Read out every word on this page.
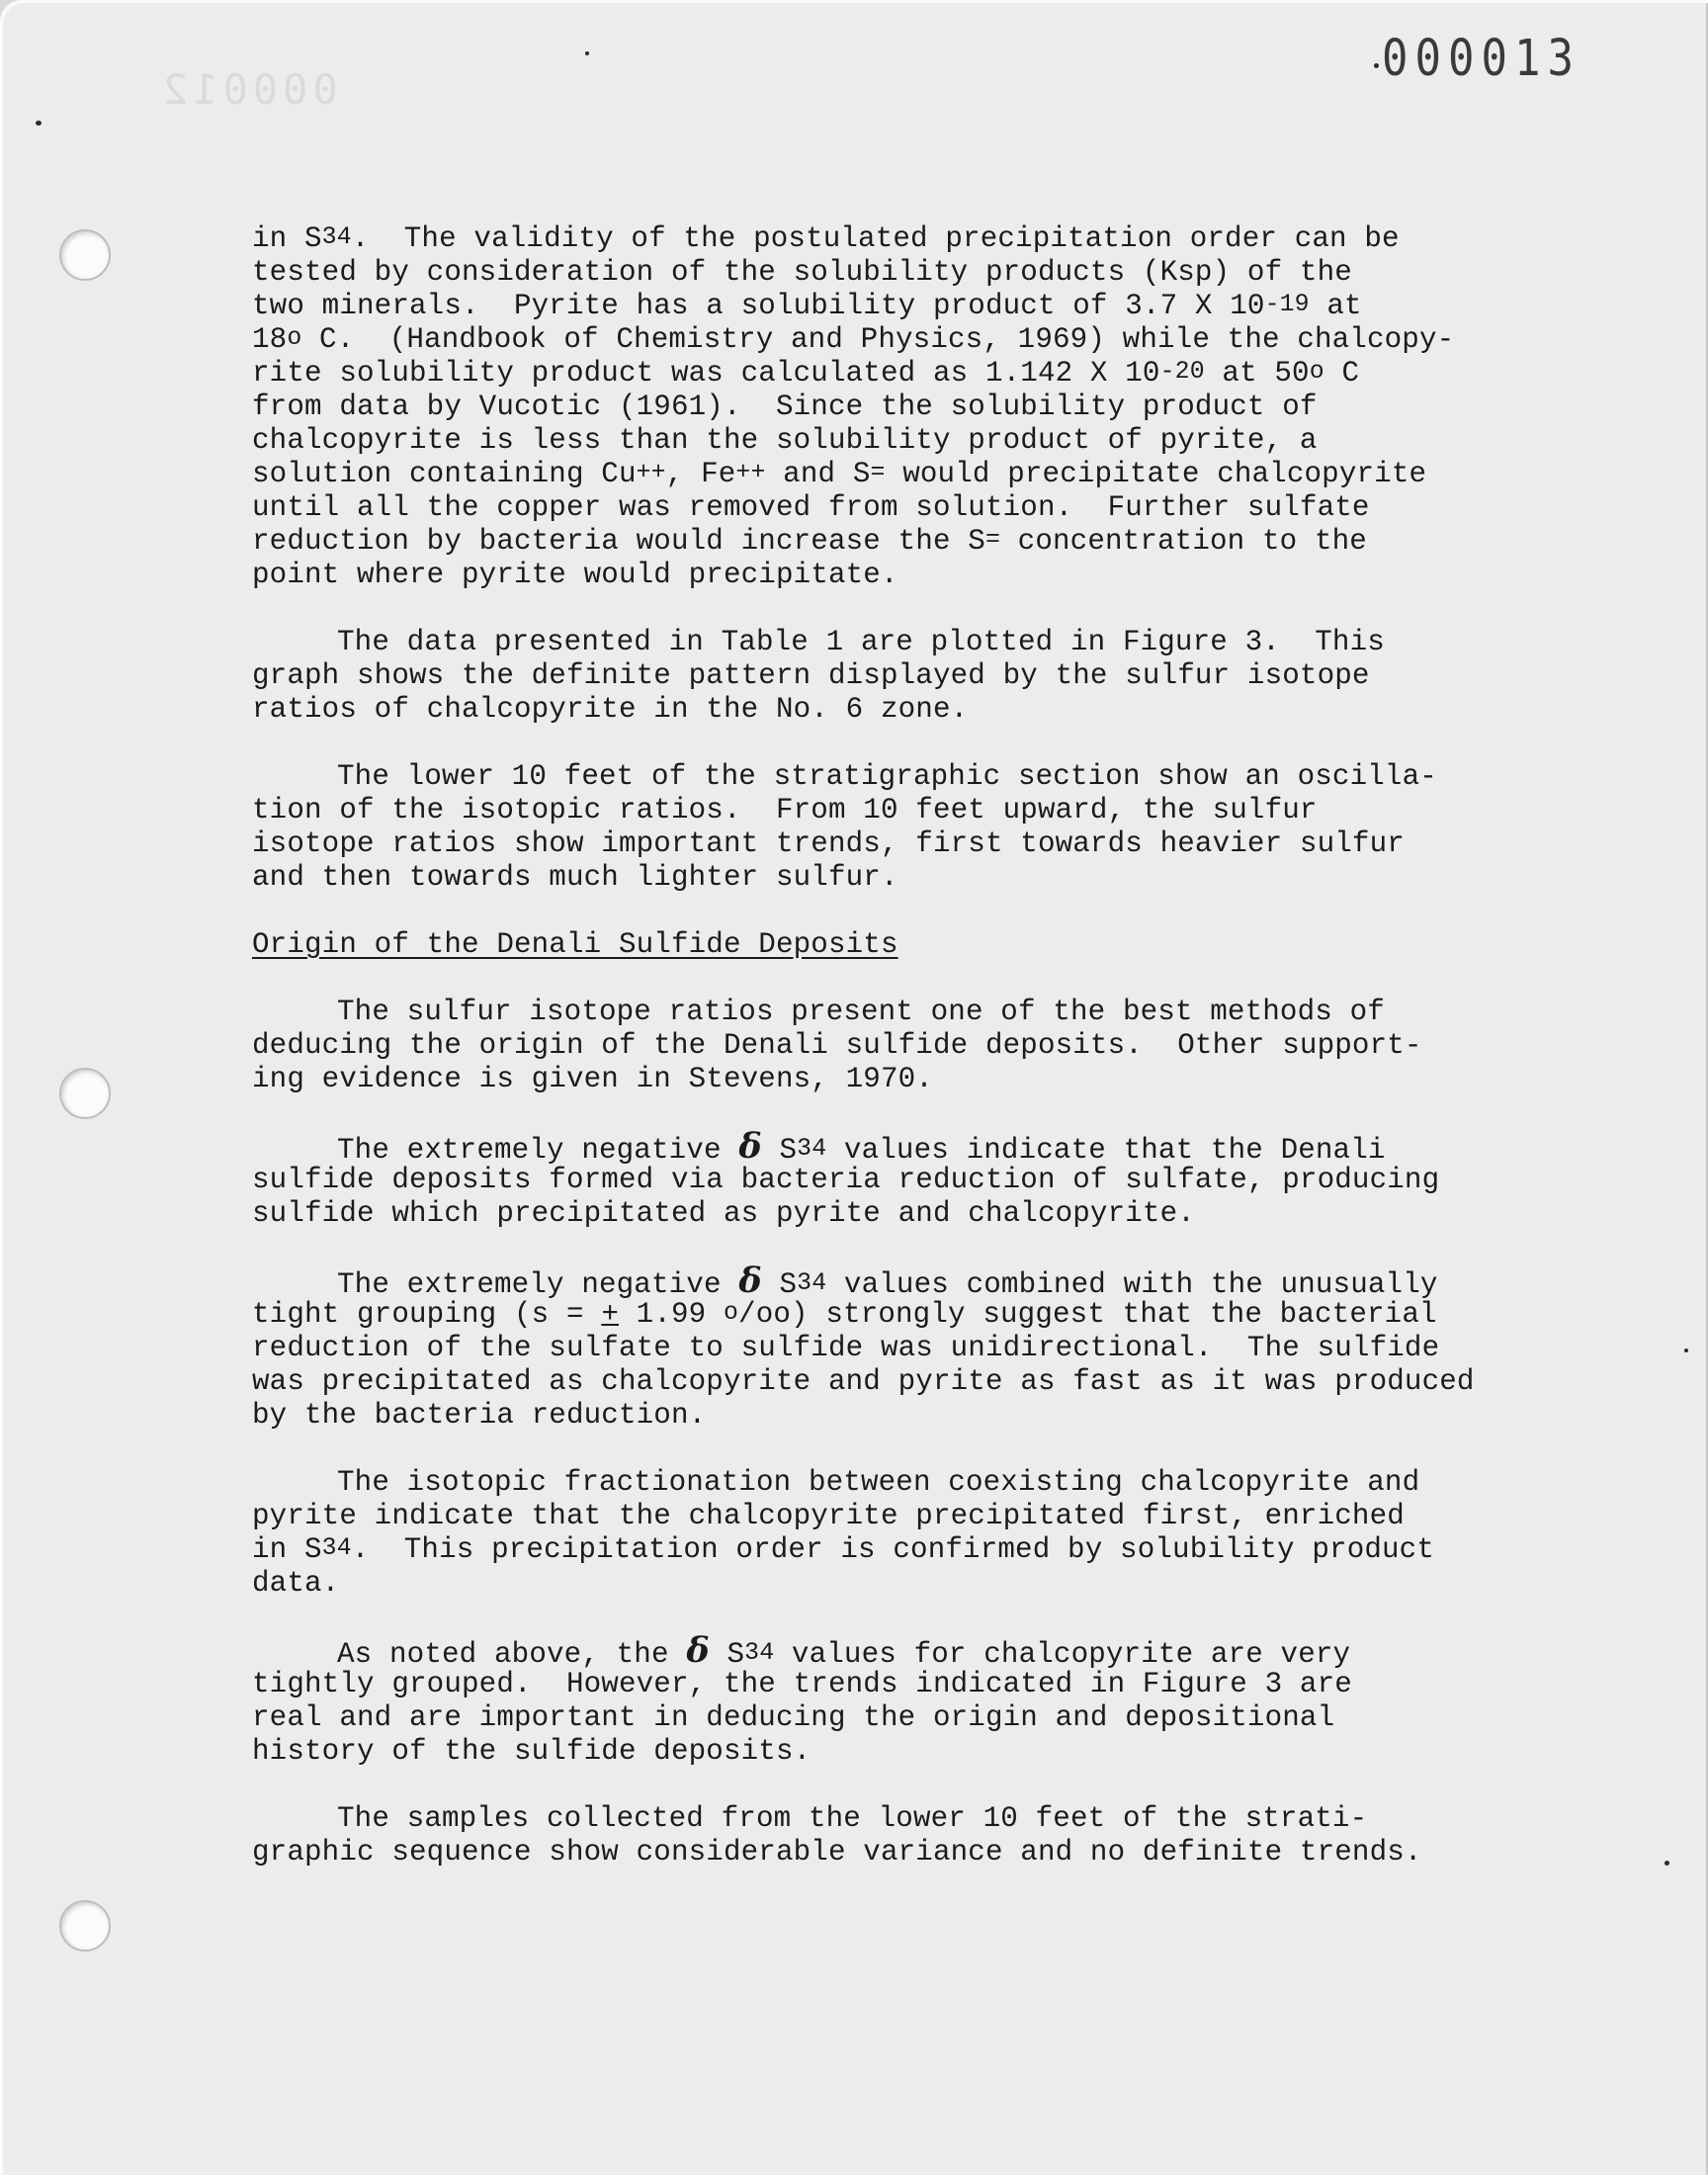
000012
000013
in $S^{34}$.  The validity of the postulated precipitation order can be
tested by consideration of the solubility products (Ksp) of the
two minerals.  Pyrite has a solubility product of 3.7 X $10^{-19}$ at
18$^o$ C.  (Handbook of Chemistry and Physics, 1969) while the chalcopy-
rite solubility product was calculated as 1.142 X $10^{-20}$ at 50$^o$ C
from data by Vucotic (1961).  Since the solubility product of
chalcopyrite is less than the solubility product of pyrite, a
solution containing Cu++, Fe++ and S= would precipitate chalcopyrite
until all the copper was removed from solution.  Further sulfate
reduction by bacteria would increase the S= concentration to the
point where pyrite would precipitate.
The data presented in Table 1 are plotted in Figure 3.  This
graph shows the definite pattern displayed by the sulfur isotope
ratios of chalcopyrite in the No. 6 zone.
The lower 10 feet of the stratigraphic section show an oscilla-
tion of the isotopic ratios.  From 10 feet upward, the sulfur
isotope ratios show important trends, first towards heavier sulfur
and then towards much lighter sulfur.
Origin of the Denali Sulfide Deposits
The sulfur isotope ratios present one of the best methods of
deducing the origin of the Denali sulfide deposits.  Other support-
ing evidence is given in Stevens, 1970.
The extremely negative δ $S^{34}$ values indicate that the Denali
sulfide deposits formed via bacteria reduction of sulfate, producing
sulfide which precipitated as pyrite and chalcopyrite.
The extremely negative δ $S^{34}$ values combined with the unusually
tight grouping (s = + 1.99 $^o$/oo) strongly suggest that the bacterial
reduction of the sulfate to sulfide was unidirectional.  The sulfide
was precipitated as chalcopyrite and pyrite as fast as it was produced
by the bacteria reduction.
The isotopic fractionation between coexisting chalcopyrite and
pyrite indicate that the chalcopyrite precipitated first, enriched
in $S^{34}$.  This precipitation order is confirmed by solubility product
data.
As noted above, the δ $S^{34}$ values for chalcopyrite are very
tightly grouped.  However, the trends indicated in Figure 3 are
real and are important in deducing the origin and depositional
history of the sulfide deposits.
The samples collected from the lower 10 feet of the strati-
graphic sequence show considerable variance and no definite trends.
